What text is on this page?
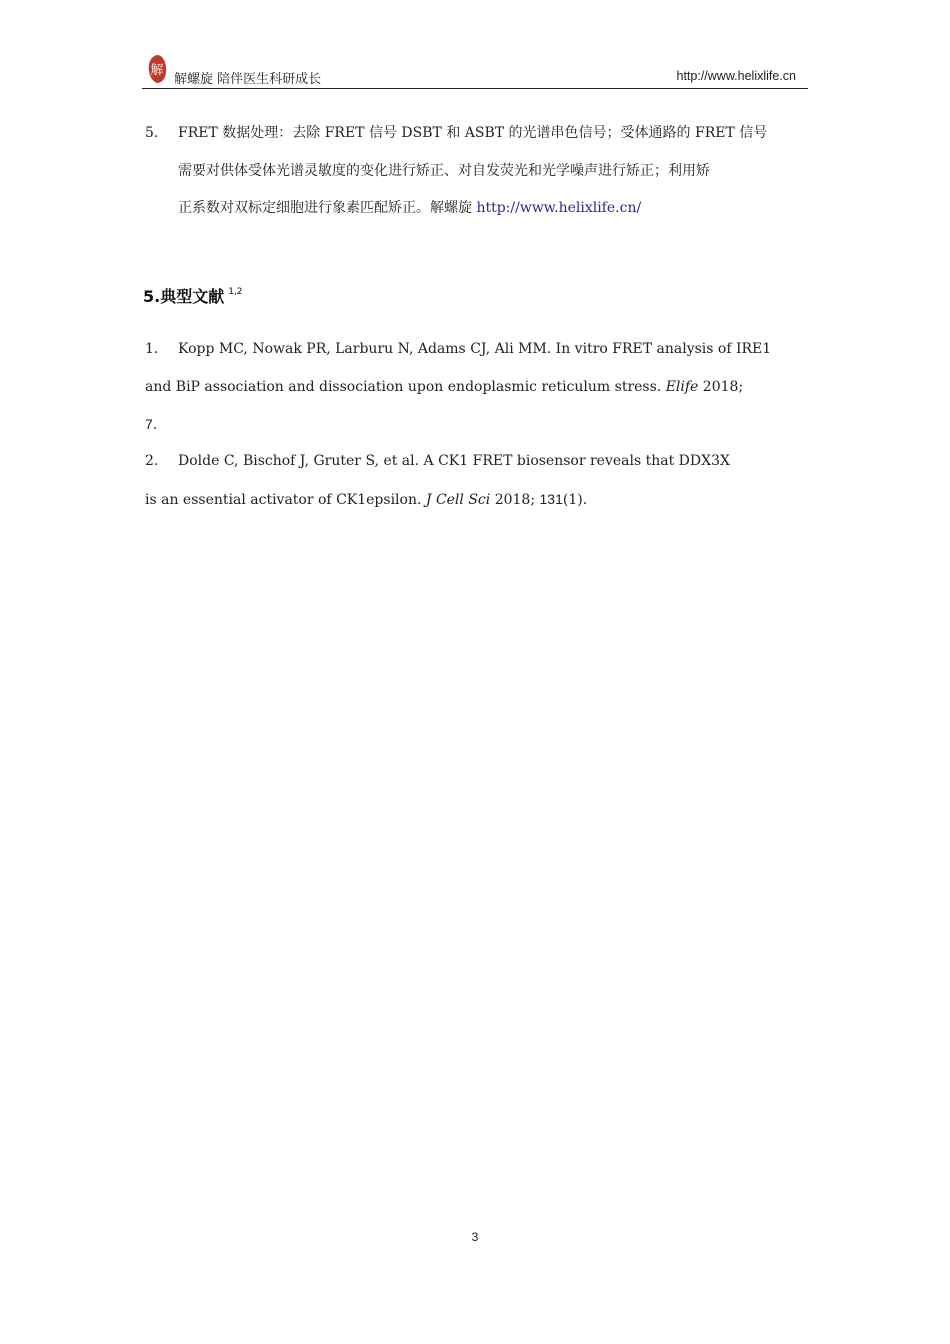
解
解螺旋 陪伴医生科研成长	http://www.helixlife.cn
5. FRET 数据处理：去除 FRET 信号 DSBT 和 ASBT 的光谱串色信号；受体通路的 FRET 信号
需要对供体受体光谱灵敏度的变化进行矫正、对自发荧光和光学噪声进行矫正；利用矫
正系数对双标定细胞进行象素匹配矫正。解螺旋 http://www.helixlife.cn/
5.典型文献 $^{1,2}$
1. Kopp MC, Nowak PR, Larburu N, Adams CJ, Ali MM. In vitro FRET analysis of IRE1
and BiP association and dissociation upon endoplasmic reticulum stress. Elife 2018;
7.
2. Dolde C, Bischof J, Gruter S, et al. A CK1 FRET biosensor reveals that DDX3X
is an essential activator of CK1epsilon. J Cell Sci 2018; 131(1).
3
